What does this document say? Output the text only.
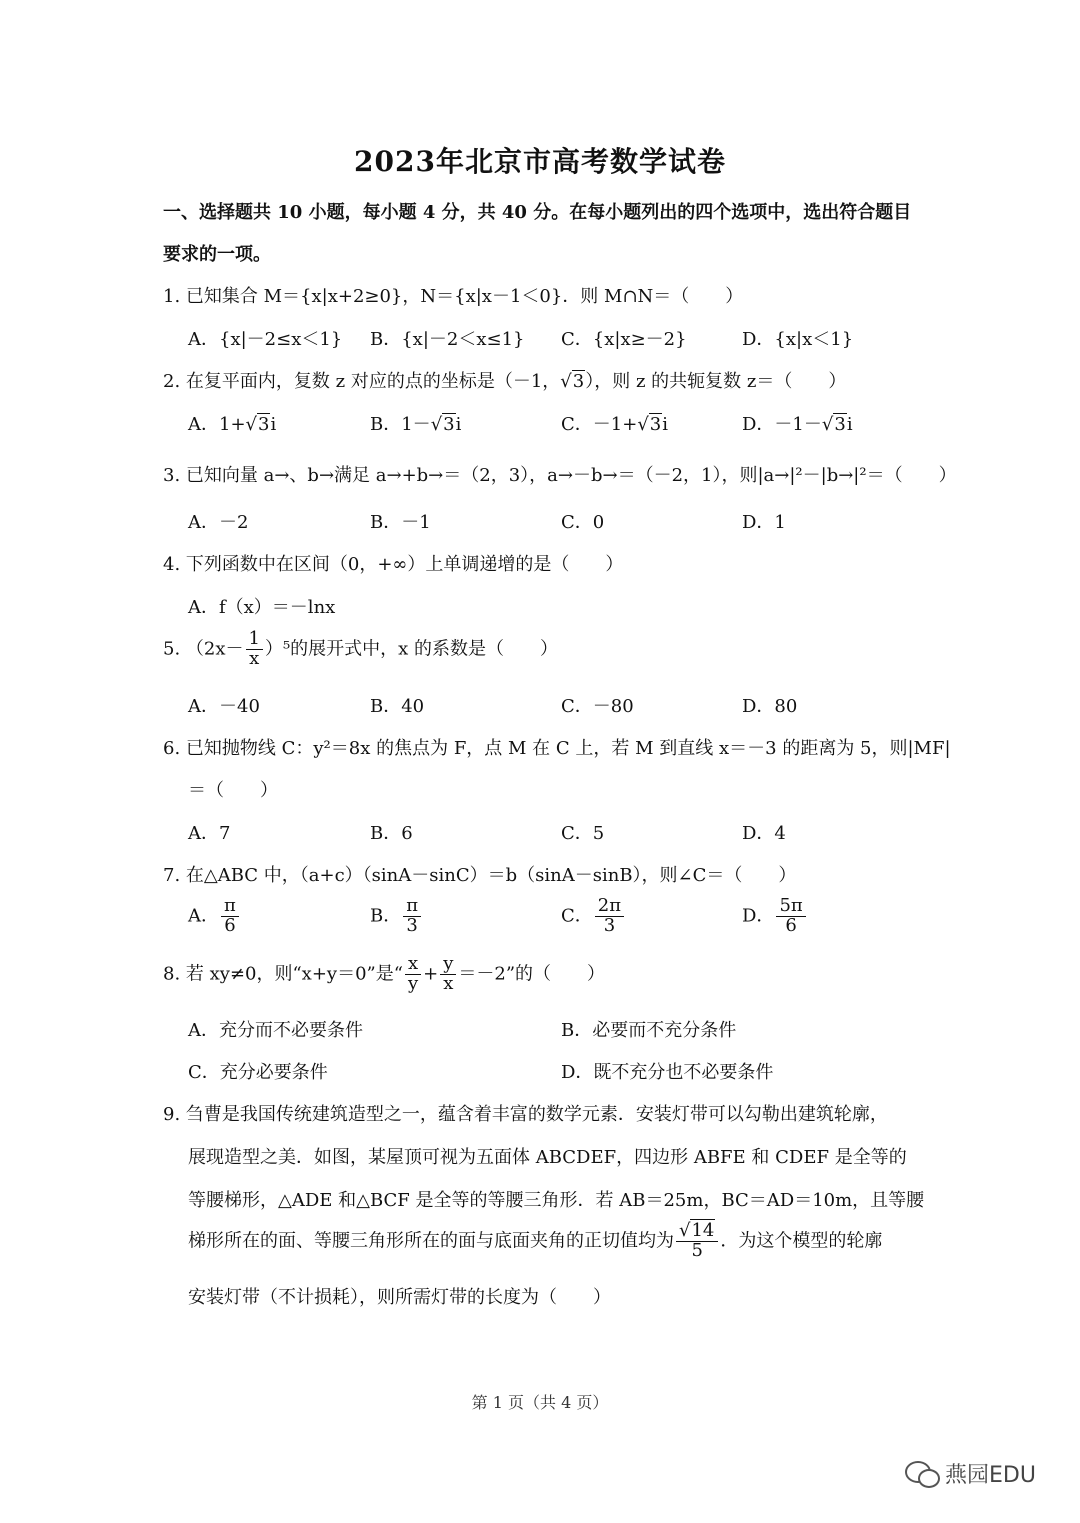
2023年北京市高考数学试卷
一、选择题共 10 小题，每小题 4 分，共 40 分。在每小题列出的四个选项中，选出符合题目
要求的一项。
1. 已知集合 M＝{x|x+2≥0}，N＝{x|x－1＜0}．则 M∩N＝（　　）
A．{x|－2≤x＜1} B．{x|－2＜x≤1} C．{x|x≥－2}	D．{x|x＜1}
2. 在复平面内，复数 z 对应的点的坐标是（－1，√3），则 z 的共轭复数 z＝（　　）
A．1+√3i	B．1－√3i	C．－1+√3i	D．－1－√3i
3. 已知向量 a→、b→满足 a→+b→＝（2，3），a→－b→＝（－2，1），则|a→|²－|b→|²＝（　　）
A．－2	B．－1	C．0	D．1
4. 下列函数中在区间（0，+∞）上单调递增的是（　　）
A．f（x）＝－lnx
5. $(2x- \frac{1}{x} )^5$的展开式中，x 的系数是（　　）
A．－40	B．40	C．－80	D．80
6. 已知抛物线 C：y²＝8x 的焦点为 F，点 M 在 C 上，若 M 到直线 x＝－3 的距离为 5，则|MF|
＝（　　）
A．7	B．6	C．5	D．4
7. 在△ABC 中，（a+c）（sinA－sinC）＝b（sinA－sinB），则∠C＝（　　）
A． $\frac{\pi}{6}$	B． $\frac{\pi}{3}$	C． $\frac{2\pi}{3}$	D． $\frac{5\pi}{6}$
8. 若 xy≠0，则“x+y＝0”是“ $\frac{x}{y} + \frac{y}{x} =-2$”的（　　）
A．充分而不必要条件	B．必要而不充分条件
C．充分必要条件	D．既不充分也不必要条件
9. 刍曹是我国传统建筑造型之一，蕴含着丰富的数学元素．安装灯带可以勾勒出建筑轮廓，
展现造型之美．如图，某屋顶可视为五面体 ABCDEF，四边形 ABFE 和 CDEF 是全等的
等腰梯形，△ADE 和△BCF 是全等的等腰三角形．若 AB＝25m，BC＝AD＝10m，且等腰
梯形所在的面、等腰三角形所在的面与底面夹角的正切值均为 $\frac{√14}{5}$ ．为这个模型的轮廓
安装灯带（不计损耗），则所需灯带的长度为（　　）
第 1 页（共 4 页）
燕园EDU
